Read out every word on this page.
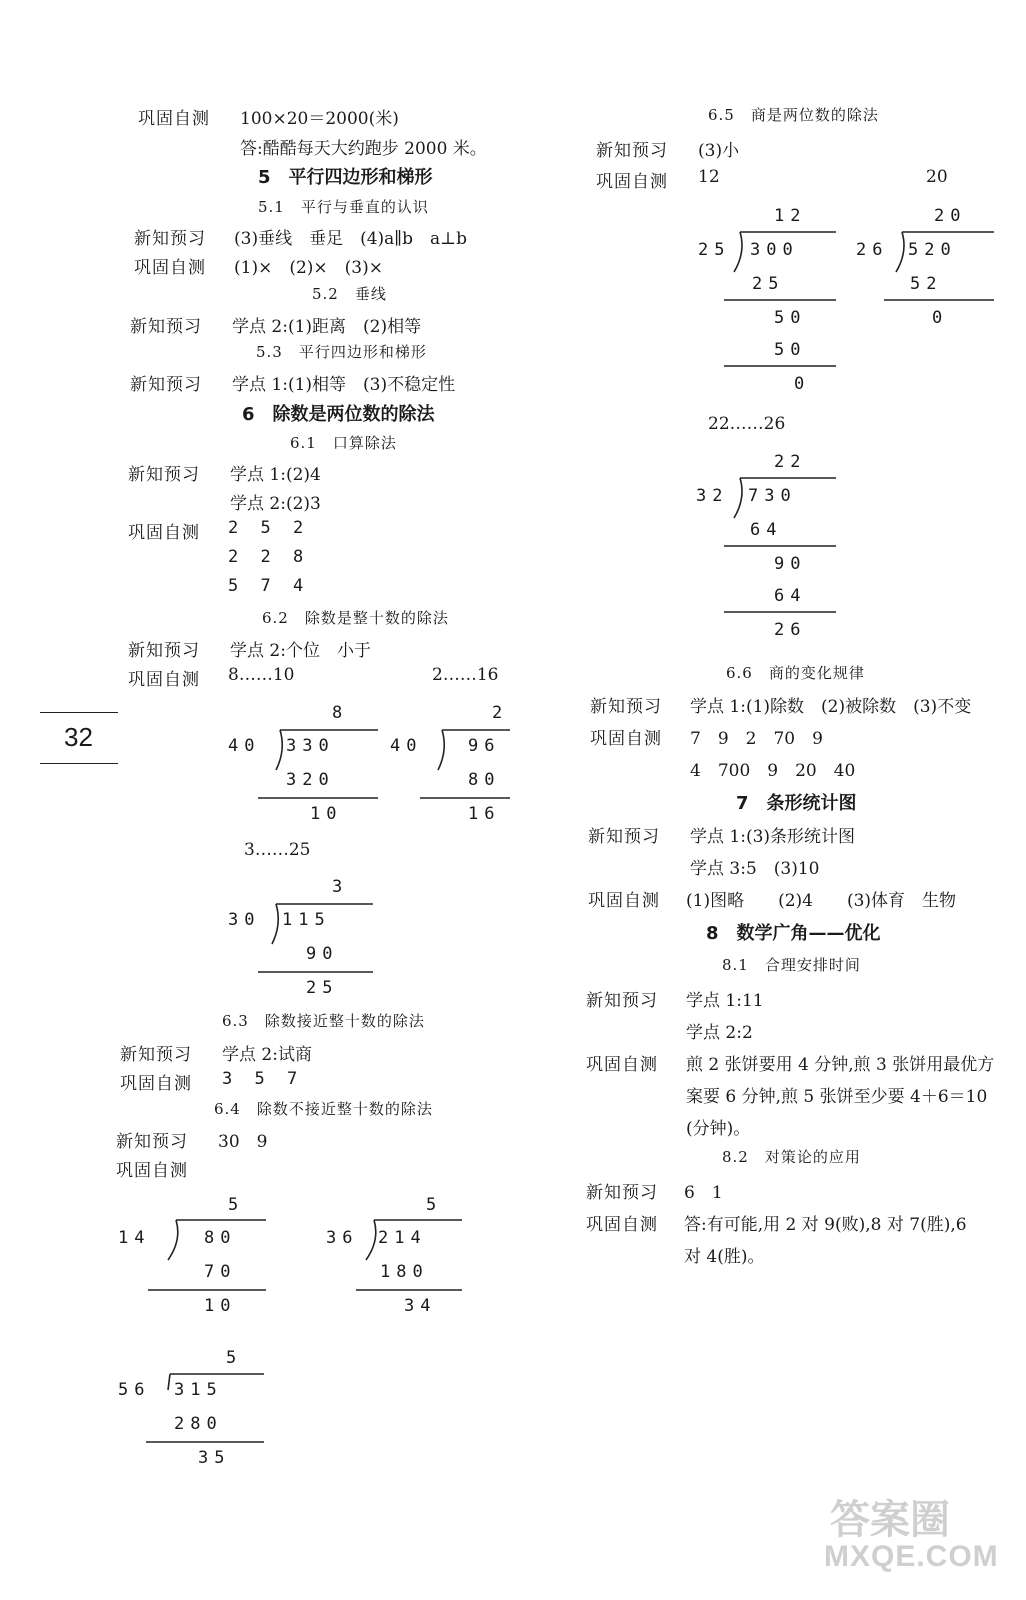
32
巩固自测 100×20＝2000(米)
答:酷酷每天大约跑步 2000 米。
5　平行四边形和梯形
5.1　平行与垂直的认识
新知预习 (3)垂线　垂足　(4)a∥b　a⊥b
巩固自测 (1)×　(2)×　(3)×
5.2　垂线
新知预习 学点 2:(1)距离　(2)相等
5.3　平行四边形和梯形
新知预习 学点 1:(1)相等　(3)不稳定性
6　除数是两位数的除法
6.1　口算除法
新知预习 学点 1:(2)4
学点 2:(2)3
巩固自测 2 5 2
2 2 8
5 7 4
6.2　除数是整十数的除法
新知预习 学点 2:个位　小于
巩固自测 8……10	2……16
8
40 330
320
10
2
40	96
80
16
3……25
3
30 115
90
25
6.3　除数接近整十数的除法
新知预习 学点 2:试商
巩固自测 3 5 7
6.4　除数不接近整十数的除法
新知预习 30　9
巩固自测
5
14	80
70
10
5
36 214
180
34
5
56 315
280
35
6.5　商是两位数的除法
新知预习 (3)小
巩固自测 12	20
12
25 300
25
50
50
0
20
26 520
52
0
22……26
22
32 730
64
90
64
26
6.6　商的变化规律
新知预习 学点 1:(1)除数　(2)被除数　(3)不变
巩固自测 7　9　2　70　9
4　700　9　20　40
7　条形统计图
新知预习 学点 1:(3)条形统计图
学点 3:5　(3)10
巩固自测 (1)图略　　(2)4　　(3)体育　生物
8　数学广角——优化
8.1　合理安排时间
新知预习 学点 1:11
学点 2:2
巩固自测 煎 2 张饼要用 4 分钟,煎 3 张饼用最优方
案要 6 分钟,煎 5 张饼至少要 4＋6＝10
(分钟)。
8.2　对策论的应用
新知预习 6　1
巩固自测 答:有可能,用 2 对 9(败),8 对 7(胜),6
对 4(胜)。
答案圈
MXQE.COM
